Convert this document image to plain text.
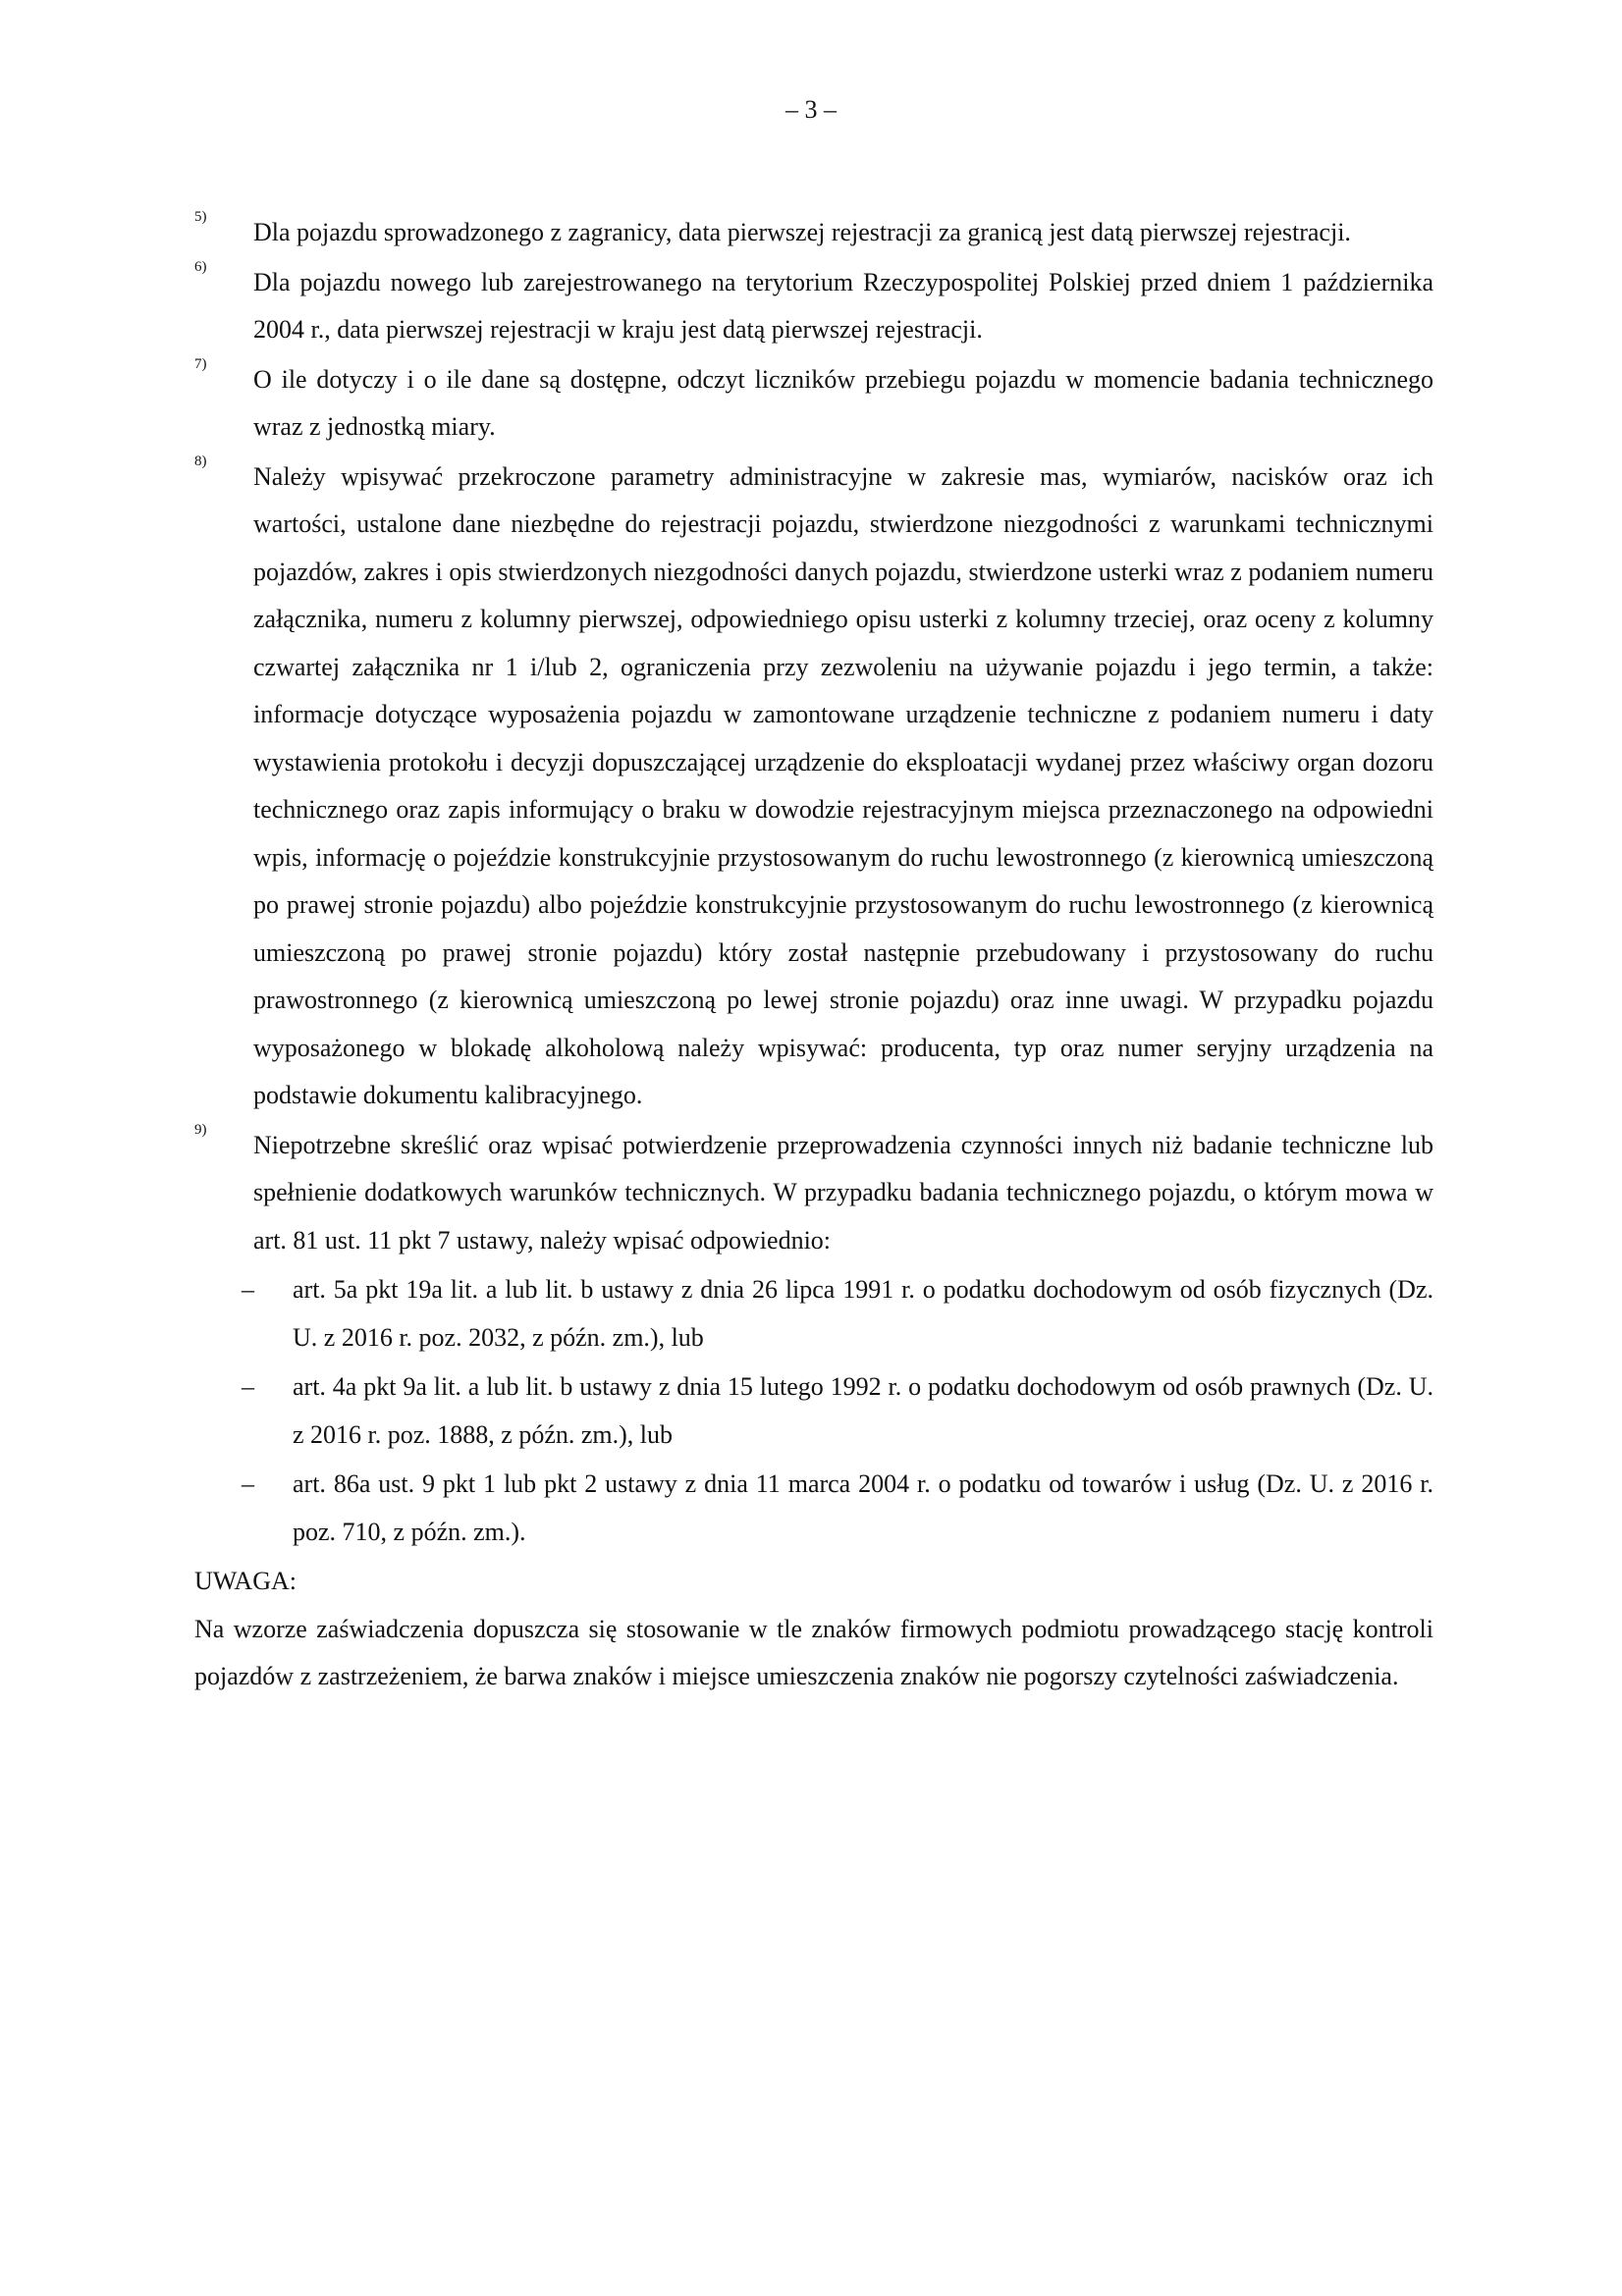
– 3 –
5)
Dla pojazdu sprowadzonego z zagranicy, data pierwszej rejestracji za granicą jest datą pierwszej rejestracji.
6)
Dla pojazdu nowego lub zarejestrowanego na terytorium Rzeczypospolitej Polskiej przed dniem 1 października 2004 r., data pierwszej rejestracji w kraju jest datą pierwszej rejestracji.
7)
O ile dotyczy i o ile dane są dostępne, odczyt liczników przebiegu pojazdu w momencie badania technicznego wraz z jednostką miary.
8)
Należy wpisywać przekroczone parametry administracyjne w zakresie mas, wymiarów, nacisków oraz ich wartości, ustalone dane niezbędne do rejestracji pojazdu, stwierdzone niezgodności z warunkami technicznymi pojazdów, zakres i opis stwierdzonych niezgodności danych pojazdu, stwierdzone usterki wraz z podaniem numeru załącznika, numeru z kolumny pierwszej, odpowiedniego opisu usterki z kolumny trzeciej, oraz oceny z kolumny czwartej załącznika nr 1 i/lub 2, ograniczenia przy zezwoleniu na używanie pojazdu i jego termin, a także: informacje dotyczące wyposażenia pojazdu w zamontowane urządzenie techniczne z podaniem numeru i daty wystawienia protokołu i decyzji dopuszczającej urządzenie do eksploatacji wydanej przez właściwy organ dozoru technicznego oraz zapis informujący o braku w dowodzie rejestracyjnym miejsca przeznaczonego na odpowiedni wpis, informację o pojeździe konstrukcyjnie przystosowanym do ruchu lewostronnego (z kierownicą umieszczoną po prawej stronie pojazdu) albo pojeździe konstrukcyjnie przystosowanym do ruchu lewostronnego (z kierownicą umieszczoną po prawej stronie pojazdu) który został następnie przebudowany i przystosowany do ruchu prawostronnego (z kierownicą umieszczoną po lewej stronie pojazdu) oraz inne uwagi. W przypadku pojazdu wyposażonego w blokadę alkoholową należy wpisywać: producenta, typ oraz numer seryjny urządzenia na podstawie dokumentu kalibracyjnego.
9)
Niepotrzebne skreślić oraz wpisać potwierdzenie przeprowadzenia czynności innych niż badanie techniczne lub spełnienie dodatkowych warunków technicznych. W przypadku badania technicznego pojazdu, o którym mowa w art. 81 ust. 11 pkt 7 ustawy, należy wpisać odpowiednio:
– art. 5a pkt 19a lit. a lub lit. b ustawy z dnia 26 lipca 1991 r. o podatku dochodowym od osób fizycznych (Dz. U. z 2016 r. poz. 2032, z późn. zm.), lub
– art. 4a pkt 9a lit. a lub lit. b ustawy z dnia 15 lutego 1992 r. o podatku dochodowym od osób prawnych (Dz. U. z 2016 r. poz. 1888, z późn. zm.), lub
– art. 86a ust. 9 pkt 1 lub pkt 2 ustawy z dnia 11 marca 2004 r. o podatku od towarów i usług (Dz. U. z 2016 r. poz. 710, z późn. zm.).
UWAGA:
Na wzorze zaświadczenia dopuszcza się stosowanie w tle znaków firmowych podmiotu prowadzącego stację kontroli pojazdów z zastrzeżeniem, że barwa znaków i miejsce umieszczenia znaków nie pogorszy czytelności zaświadczenia.
